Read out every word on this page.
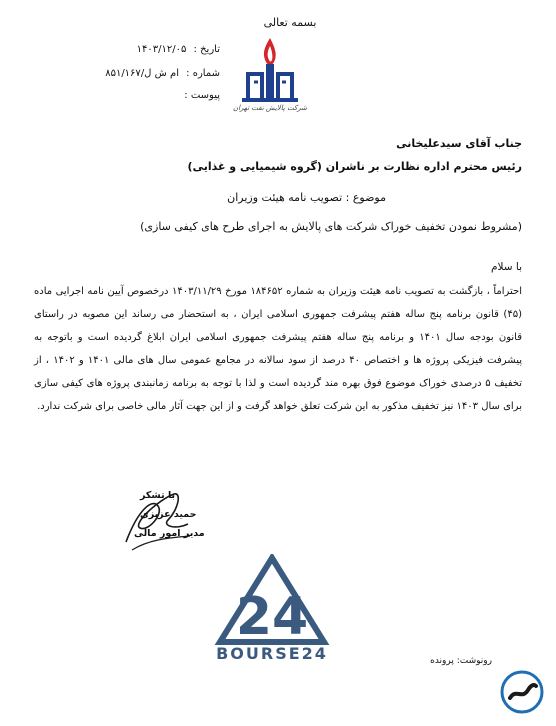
بسمه تعالی
تاریخ : ۱۴۰۳/۱۲/۰۵
شماره : ام ش ل/۸۵۱/۱۶۷
پیوست :
شرکت پالایش نفت تهران
جناب آقای سیدعلیخانی
رئیس محترم اداره نظارت بر ناشران (گروه شیمیایی و غذایی)
موضوع : تصویب نامه هیئت وزیران
(مشروط نمودن تخفیف خوراک شرکت های پالایش به اجرای طرح های کیفی سازی)
با سلام
احتراماً ، بازگشت به تصویب نامه هیئت وزیران به شماره ۱۸۴۶۵۲ مورخ ۱۴۰۳/۱۱/۲۹ درخصوص آیین نامه اجرایی ماده (۴۵) قانون برنامه پنج ساله هفتم پیشرفت جمهوری اسلامی ایران ، به استحضار می رساند این مصوبه در راستای قانون بودجه سال ۱۴۰۱ و برنامه پنج ساله هفتم پیشرفت جمهوری اسلامی ایران ابلاغ گردیده است و باتوجه به پیشرفت فیزیکی پروژه ها و اختصاص ۴۰ درصد از سود سالانه در مجامع عمومی سال های مالی ۱۴۰۱ و ۱۴۰۲ ، از تخفیف ۵ درصدی خوراک موضوع فوق بهره مند گردیده است و لذا با توجه به برنامه زمانبندی پروژه های کیفی سازی برای سال ۱۴۰۳ نیز تخفیف مذکور به این شرکت تعلق خواهد گرفت و از این جهت آثار مالی خاصی برای شرکت ندارد.
با تشکر
حمید عزیزی
مدیر امور مالی
24
BOURSE24	رونوشت: پرونده
